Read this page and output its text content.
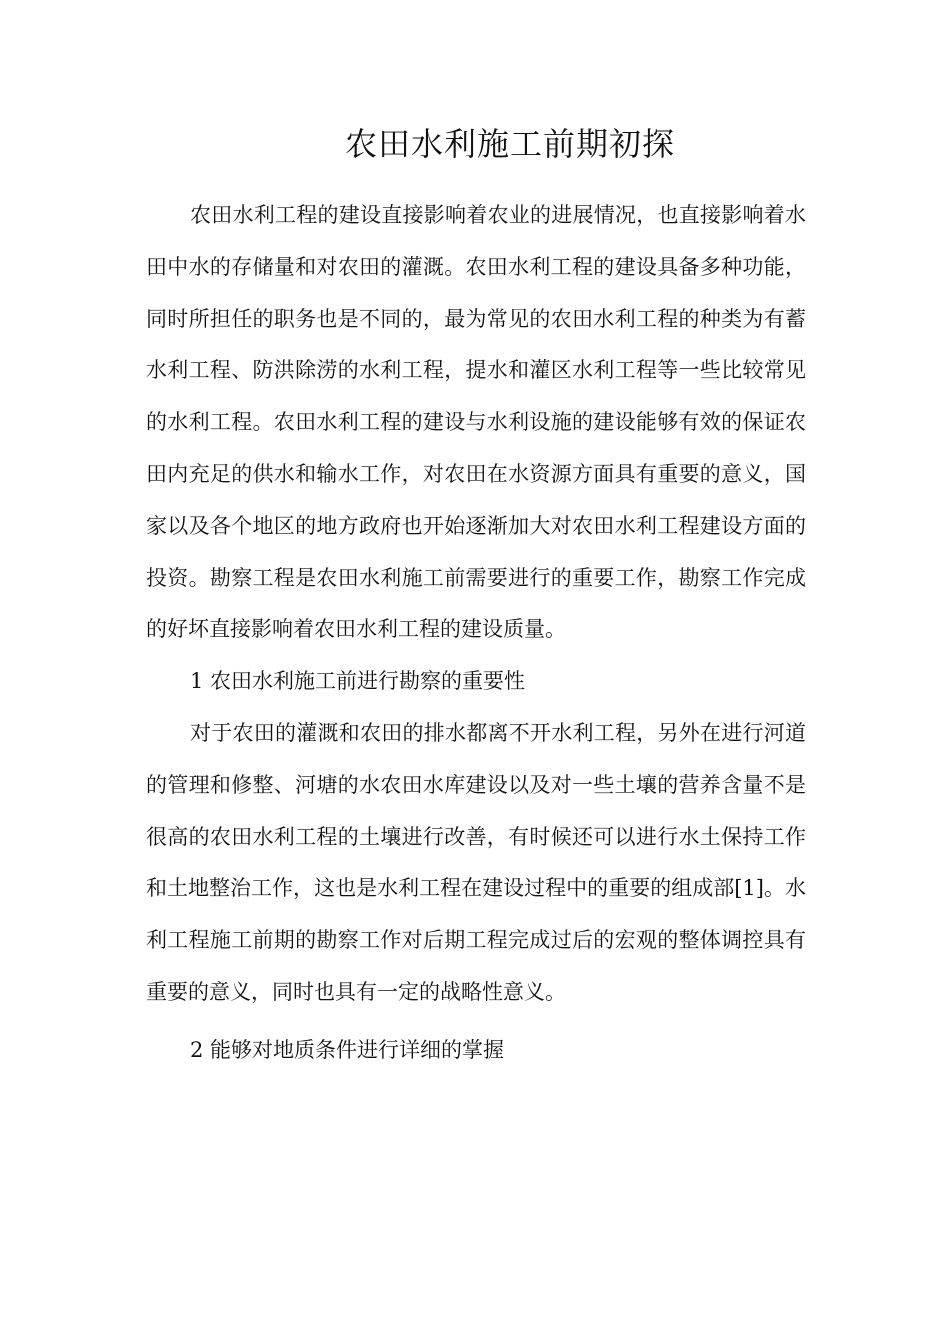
农田水利施工前期初探

农田水利工程的建设直接影响着农业的进展情况，也直接影响着水田中水的存储量和对农田的灌溉。农田水利工程的建设具备多种功能，同时所担任的职务也是不同的，最为常见的农田水利工程的种类为有蓄水利工程、防洪除涝的水利工程，提水和灌区水利工程等一些比较常见的水利工程。农田水利工程的建设与水利设施的建设能够有效的保证农田内充足的供水和输水工作，对农田在水资源方面具有重要的意义，国家以及各个地区的地方政府也开始逐渐加大对农田水利工程建设方面的投资。勘察工程是农田水利施工前需要进行的重要工作，勘察工作完成的好坏直接影响着农田水利工程的建设质量。

1 农田水利施工前进行勘察的重要性

对于农田的灌溉和农田的排水都离不开水利工程，另外在进行河道的管理和修整、河塘的水农田水库建设以及对一些土壤的营养含量不是很高的农田水利工程的土壤进行改善，有时候还可以进行水土保持工作和土地整治工作，这也是水利工程在建设过程中的重要的组成部[1]。水利工程施工前期的勘察工作对后期工程完成过后的宏观的整体调控具有重要的意义，同时也具有一定的战略性意义。

2 能够对地质条件进行详细的掌握
